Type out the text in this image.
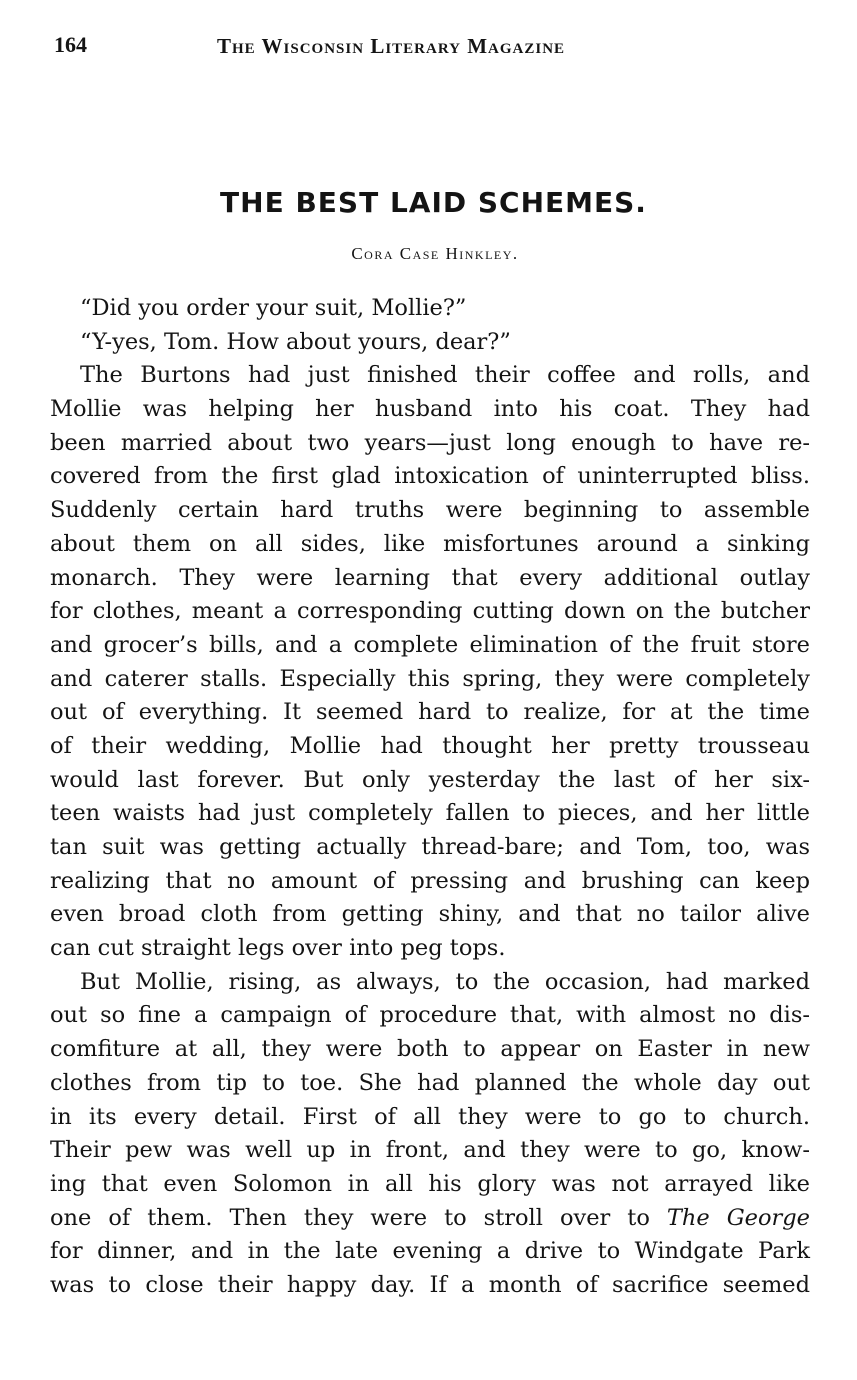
164	The Wisconsin Literary Magazine
THE BEST LAID SCHEMES.
Cora Case Hinkley.
“Did you order your suit, Mollie?”
“Y-yes, Tom. How about yours, dear?”
The Burtons had just finished their coffee and rolls, and
Mollie was helping her husband into his coat. They had
been married about two years—just long enough to have re-
covered from the first glad intoxication of uninterrupted bliss.
Suddenly certain hard truths were beginning to assemble
about them on all sides, like misfortunes around a sinking
monarch. They were learning that every additional outlay
for clothes, meant a corresponding cutting down on the butcher
and grocer’s bills, and a complete elimination of the fruit store
and caterer stalls. Especially this spring, they were completely
out of everything. It seemed hard to realize, for at the time
of their wedding, Mollie had thought her pretty trousseau
would last forever. But only yesterday the last of her six-
teen waists had just completely fallen to pieces, and her little
tan suit was getting actually thread-bare; and Tom, too, was
realizing that no amount of pressing and brushing can keep
even broad cloth from getting shiny, and that no tailor alive
can cut straight legs over into peg tops.
But Mollie, rising, as always, to the occasion, had marked
out so fine a campaign of procedure that, with almost no dis-
comfiture at all, they were both to appear on Easter in new
clothes from tip to toe. She had planned the whole day out
in its every detail. First of all they were to go to church.
Their pew was well up in front, and they were to go, know-
ing that even Solomon in all his glory was not arrayed like
one of them. Then they were to stroll over to The George
for dinner, and in the late evening a drive to Windgate Park
was to close their happy day. If a month of sacrifice seemed
